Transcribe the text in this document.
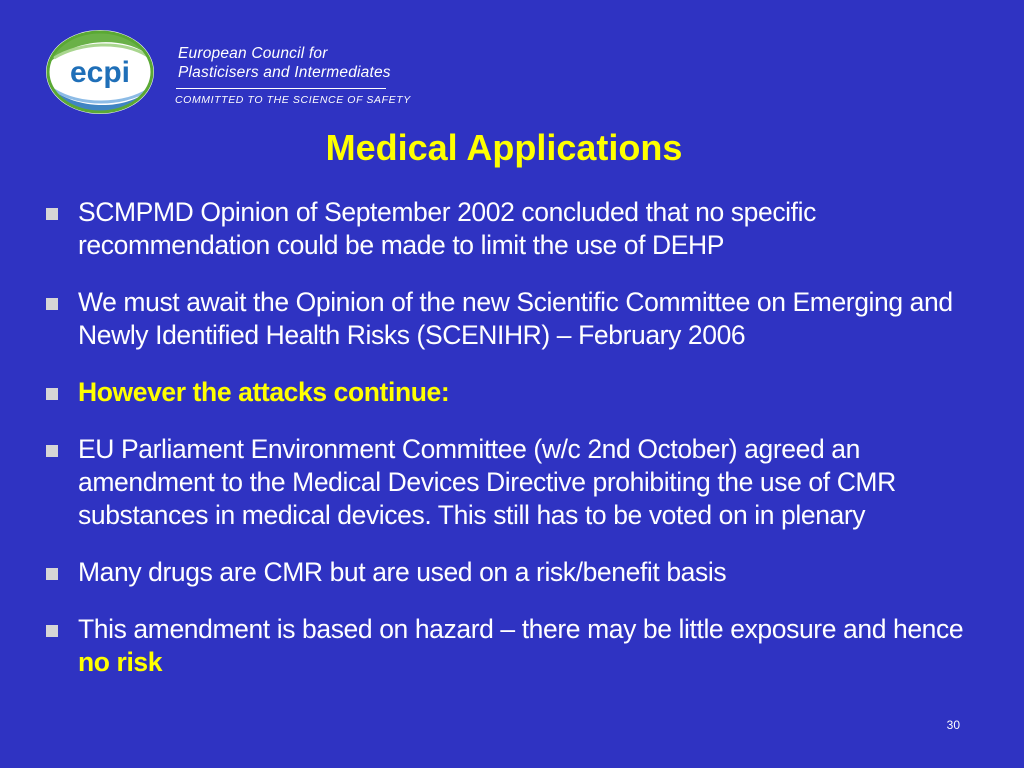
ecpi
European Council for
Plasticisers and Intermediates
COMMITTED TO THE SCIENCE OF SAFETY
Medical Applications
SCMPMD Opinion of September 2002 concluded that no specific recommendation could be made to limit the use of DEHP
We must await the Opinion of the new Scientific Committee on Emerging and Newly Identified Health Risks (SCENIHR) – February 2006
However the attacks continue:
EU Parliament Environment Committee (w/c 2nd October) agreed an amendment to the Medical Devices Directive prohibiting the use of CMR substances in medical devices. This still has to be voted on in plenary
Many drugs are CMR but are used on a risk/benefit basis
This amendment is based on hazard – there may be little exposure and hence no risk
30
